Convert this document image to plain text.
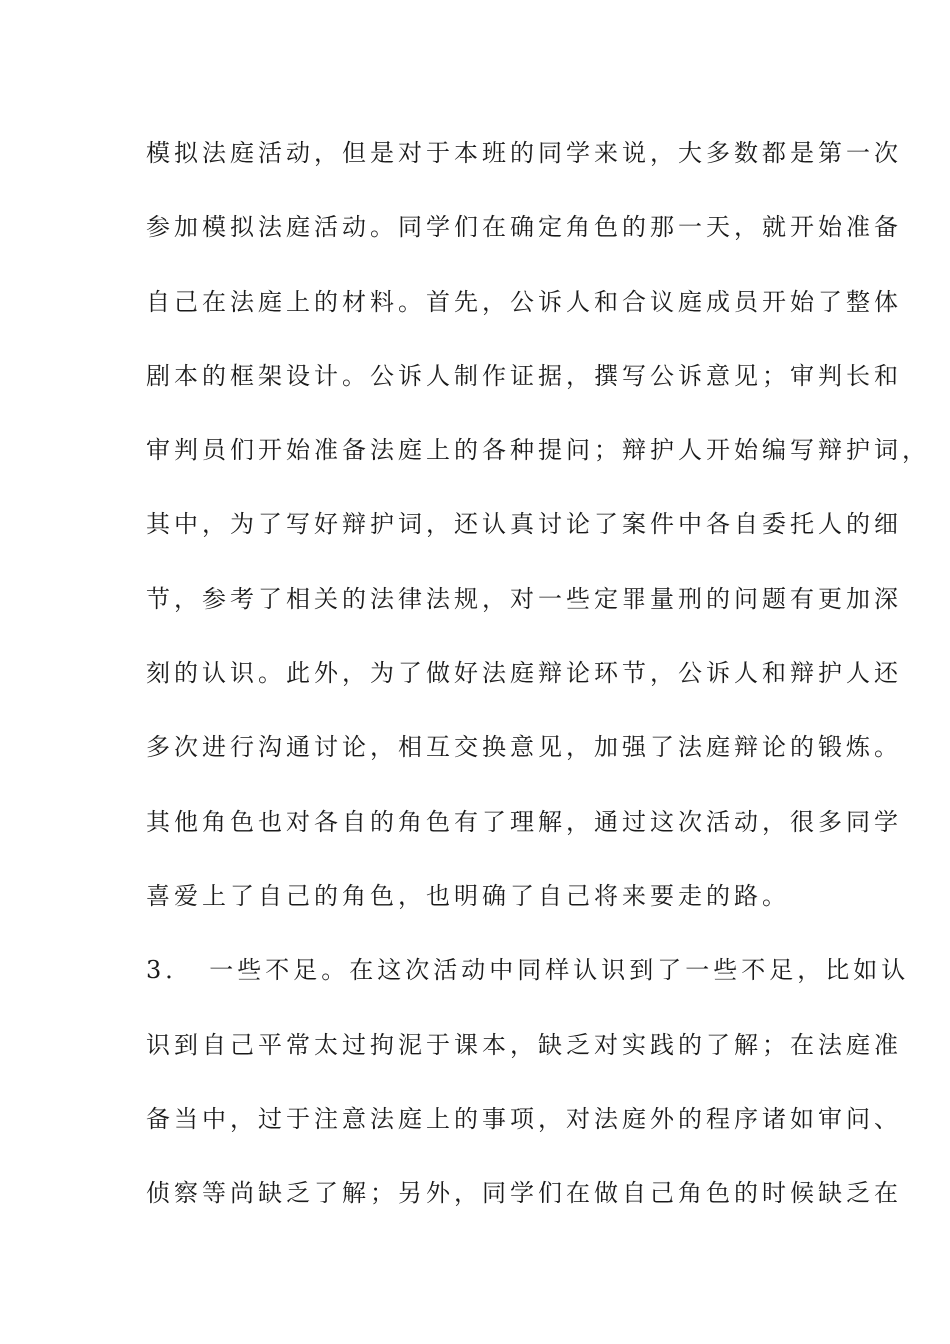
模拟法庭活动，但是对于本班的同学来说，大多数都是第一次
参加模拟法庭活动。同学们在确定角色的那一天，就开始准备
自己在法庭上的材料。首先，公诉人和合议庭成员开始了整体
剧本的框架设计。公诉人制作证据，撰写公诉意见；审判长和
审判员们开始准备法庭上的各种提问；辩护人开始编写辩护词，
其中，为了写好辩护词，还认真讨论了案件中各自委托人的细
节，参考了相关的法律法规，对一些定罪量刑的问题有更加深
刻的认识。此外，为了做好法庭辩论环节，公诉人和辩护人还
多次进行沟通讨论，相互交换意见，加强了法庭辩论的锻炼。
其他角色也对各自的角色有了理解，通过这次活动，很多同学
喜爱上了自己的角色，也明确了自己将来要走的路。
3．　一些不足。在这次活动中同样认识到了一些不足，比如认
识到自己平常太过拘泥于课本，缺乏对实践的了解；在法庭准
备当中，过于注意法庭上的事项，对法庭外的程序诸如审问、
侦察等尚缺乏了解；另外，同学们在做自己角色的时候缺乏在
